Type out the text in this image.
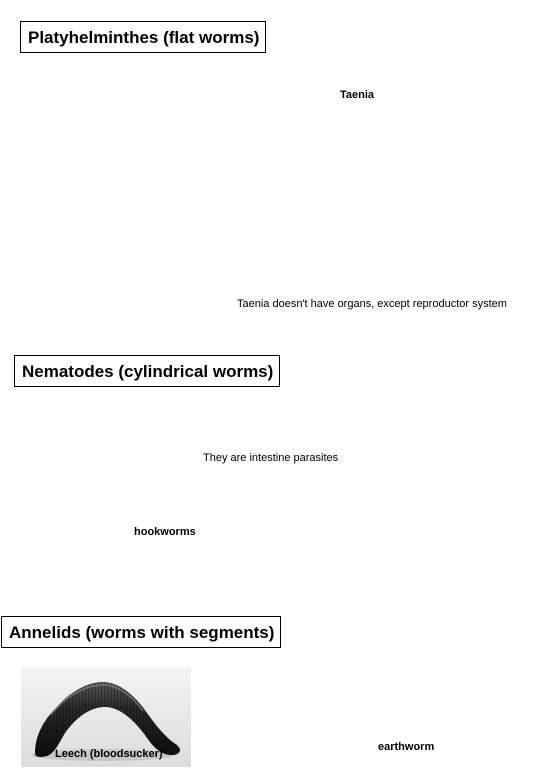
Platyhelminthes (flat worms)
Taenia
Taenia doesn't have organs, except reproductor system
Nematodes (cylindrical worms)
They are intestine parasites
hookworms
Annelids (worms with segments)
earthworm
Leech (bloodsucker)
